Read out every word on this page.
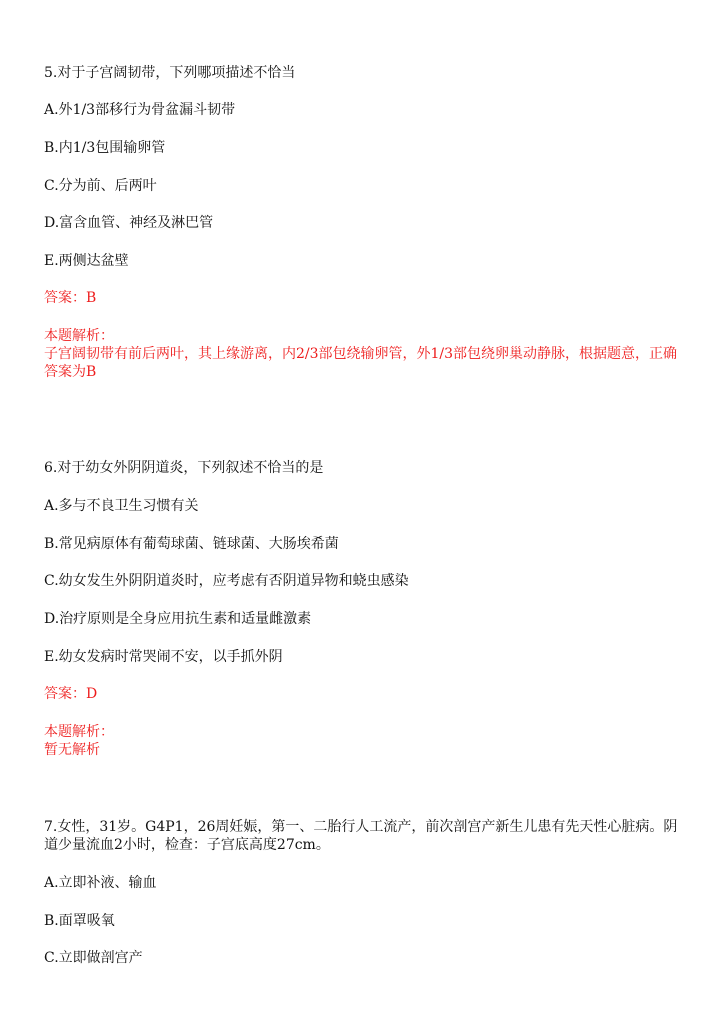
5.对于子宫阔韧带，下列哪项描述不恰当
A.外1/3部移行为骨盆漏斗韧带
B.内1/3包围输卵管
C.分为前、后两叶
D.富含血管、神经及淋巴管
E.两侧达盆壁
答案：B
本题解析：
子宫阔韧带有前后两叶，其上缘游离，内2/3部包绕输卵管，外1/3部包绕卵巢动静脉，根据题意，正确答案为B
6.对于幼女外阴阴道炎，下列叙述不恰当的是
A.多与不良卫生习惯有关
B.常见病原体有葡萄球菌、链球菌、大肠埃希菌
C.幼女发生外阴阴道炎时，应考虑有否阴道异物和蛲虫感染
D.治疗原则是全身应用抗生素和适量雌激素
E.幼女发病时常哭闹不安，以手抓外阴
答案：D
本题解析：
暂无解析
7.女性，31岁。G4P1，26周妊娠，第一、二胎行人工流产，前次剖宫产新生儿患有先天性心脏病。阴道少量流血2小时，检查：子宫底高度27cm。
A.立即补液、输血
B.面罩吸氧
C.立即做剖宫产
